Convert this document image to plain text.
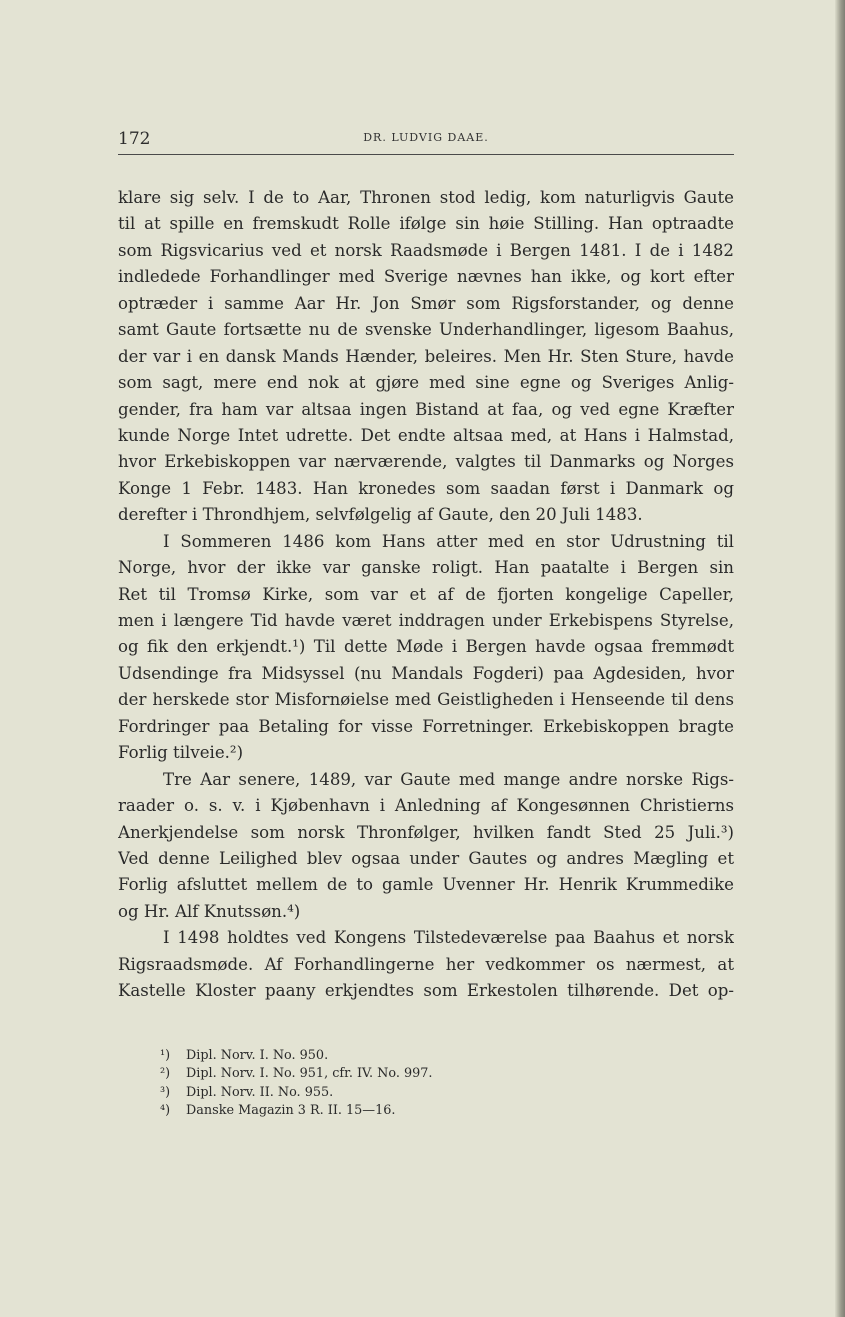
172	DR. LUDVIG DAAE.
klare sig selv. I de to Aar, Thronen stod ledig, kom naturligvis Gaute
til at spille en fremskudt Rolle ifølge sin høie Stilling. Han optraadte
som Rigsvicarius ved et norsk Raadsmøde i Bergen 1481. I de i 1482
indledede Forhandlinger med Sverige nævnes han ikke, og kort efter
optræder i samme Aar Hr. Jon Smør som Rigsforstander, og denne
samt Gaute fortsætte nu de svenske Underhandlinger, ligesom Baahus,
der var i en dansk Mands Hænder, beleires. Men Hr. Sten Sture, havde
som sagt, mere end nok at gjøre med sine egne og Sveriges Anlig-
gender, fra ham var altsaa ingen Bistand at faa, og ved egne Kræfter
kunde Norge Intet udrette. Det endte altsaa med, at Hans i Halmstad,
hvor Erkebiskoppen var nærværende, valgtes til Danmarks og Norges
Konge 1 Febr. 1483. Han kronedes som saadan først i Danmark og
derefter i Throndhjem, selvfølgelig af Gaute, den 20 Juli 1483.
I Sommeren 1486 kom Hans atter med en stor Udrustning til
Norge, hvor der ikke var ganske roligt. Han paatalte i Bergen sin
Ret til Tromsø Kirke, som var et af de fjorten kongelige Capeller,
men i længere Tid havde været inddragen under Erkebispens Styrelse,
og fik den erkjendt.¹) Til dette Møde i Bergen havde ogsaa fremmødt
Udsendinge fra Midsyssel (nu Mandals Fogderi) paa Agdesiden, hvor
der herskede stor Misfornøielse med Geistligheden i Henseende til dens
Fordringer paa Betaling for visse Forretninger. Erkebiskoppen bragte
Forlig tilveie.²)
Tre Aar senere, 1489, var Gaute med mange andre norske Rigs-
raader o. s. v. i Kjøbenhavn i Anledning af Kongesønnen Christierns
Anerkjendelse som norsk Thronfølger, hvilken fandt Sted 25 Juli.³)
Ved denne Leilighed blev ogsaa under Gautes og andres Mægling et
Forlig afsluttet mellem de to gamle Uvenner Hr. Henrik Krummedike
og Hr. Alf Knutssøn.⁴)
I 1498 holdtes ved Kongens Tilstedeværelse paa Baahus et norsk
Rigsraadsmøde. Af Forhandlingerne her vedkommer os nærmest, at
Kastelle Kloster paany erkjendtes som Erkestolen tilhørende. Det op-
¹) Dipl. Norv. I. No. 950.
²) Dipl. Norv. I. No. 951, cfr. IV. No. 997.
³) Dipl. Norv. II. No. 955.
⁴) Danske Magazin 3 R. II. 15—16.
